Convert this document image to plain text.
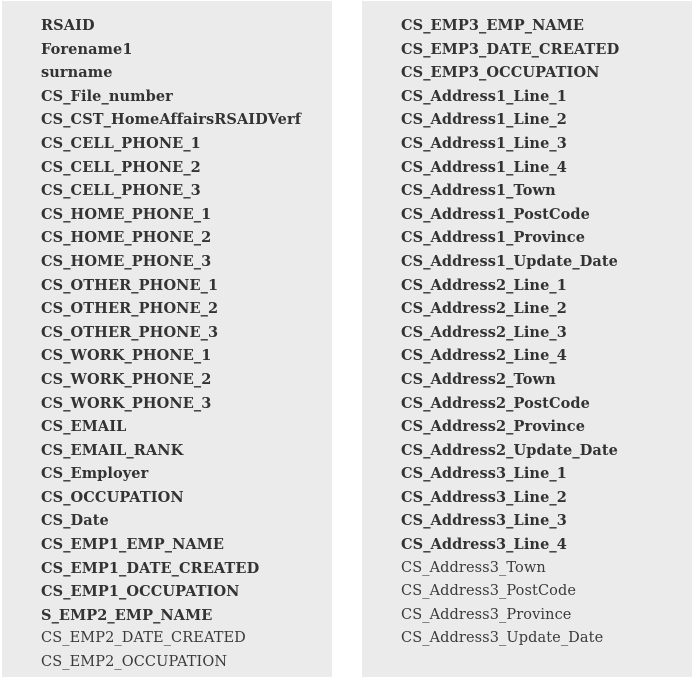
RSAID
Forename1
surname
CS_File_number
CS_CST_HomeAffairsRSAIDVerf
CS_CELL_PHONE_1
CS_CELL_PHONE_2
CS_CELL_PHONE_3
CS_HOME_PHONE_1
CS_HOME_PHONE_2
CS_HOME_PHONE_3
CS_OTHER_PHONE_1
CS_OTHER_PHONE_2
CS_OTHER_PHONE_3
CS_WORK_PHONE_1
CS_WORK_PHONE_2
CS_WORK_PHONE_3
CS_EMAIL
CS_EMAIL_RANK
CS_Employer
CS_OCCUPATION
CS_Date
CS_EMP1_EMP_NAME
CS_EMP1_DATE_CREATED
CS_EMP1_OCCUPATION
S_EMP2_EMP_NAME
CS_EMP2_DATE_CREATED
CS_EMP2_OCCUPATION
CS_EMP3_EMP_NAME
CS_EMP3_DATE_CREATED
CS_EMP3_OCCUPATION
CS_Address1_Line_1
CS_Address1_Line_2
CS_Address1_Line_3
CS_Address1_Line_4
CS_Address1_Town
CS_Address1_PostCode
CS_Address1_Province
CS_Address1_Update_Date
CS_Address2_Line_1
CS_Address2_Line_2
CS_Address2_Line_3
CS_Address2_Line_4
CS_Address2_Town
CS_Address2_PostCode
CS_Address2_Province
CS_Address2_Update_Date
CS_Address3_Line_1
CS_Address3_Line_2
CS_Address3_Line_3
CS_Address3_Line_4
CS_Address3_Town
CS_Address3_PostCode
CS_Address3_Province
CS_Address3_Update_Date
